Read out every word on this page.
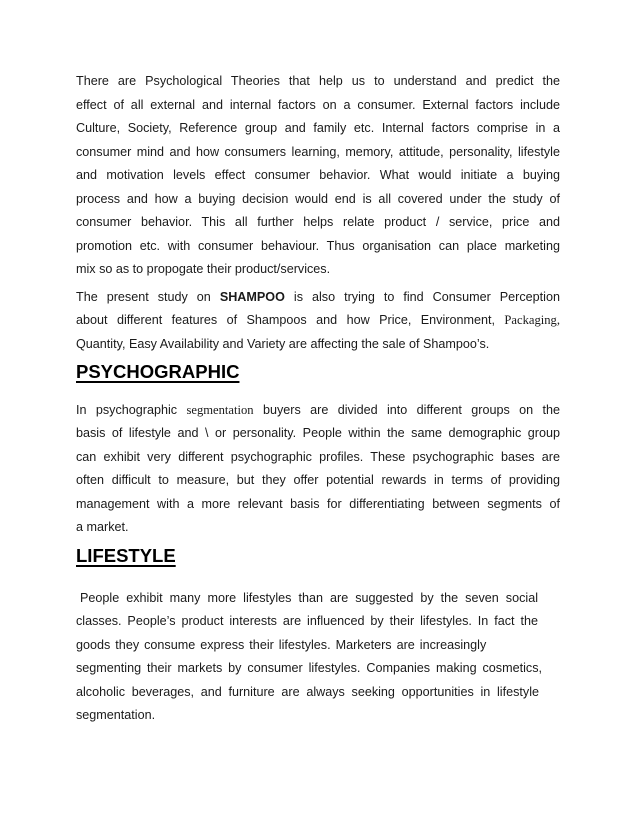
There are Psychological Theories that help us to understand and predict the
effect of all external and internal factors on a consumer. External factors include
Culture, Society, Reference group and family etc. Internal factors comprise in a
consumer mind and how consumers learning, memory, attitude, personality, lifestyle
and motivation levels effect consumer behavior. What would initiate a buying
process and how a buying decision would end is all covered under the study of
consumer behavior. This all further helps relate product / service, price and
promotion etc. with consumer behaviour. Thus organisation can place marketing
mix so as to propogate their product/services.
The present study on SHAMPOO is also trying to find Consumer Perception
about different features of Shampoos and how Price, Environment, Packaging,
Quantity, Easy Availability and Variety are affecting the sale of Shampoo’s.
PSYCHOGRAPHIC
In psychographic segmentation buyers are divided into different groups on the
basis of lifestyle and \ or personality. People within the same demographic group
can exhibit very different psychographic profiles. These psychographic bases are
often difficult to measure, but they offer potential rewards in terms of providing
management with a more relevant basis for differentiating between segments of
a market.
LIFESTYLE
People exhibit many more lifestyles than are suggested by the seven social
classes. People’s product interests are influenced by their lifestyles. In fact the
goods they consume express their lifestyles. Marketers are increasingly
segmenting their markets by consumer lifestyles. Companies making cosmetics,
alcoholic beverages, and furniture are always seeking opportunities in lifestyle
segmentation.
